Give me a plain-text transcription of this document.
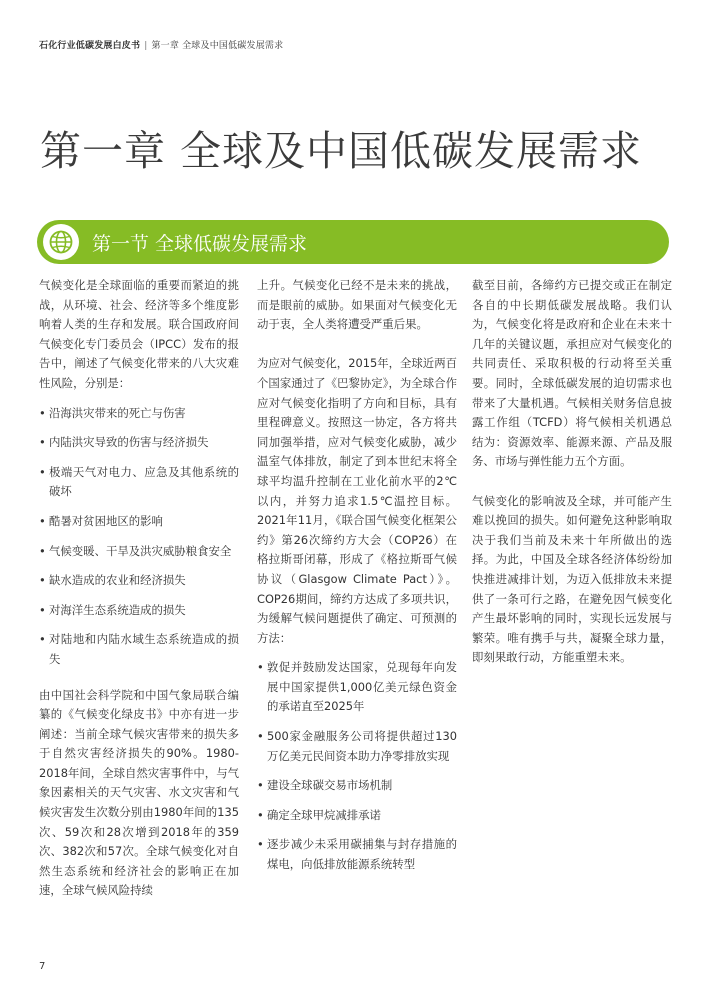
石化行业低碳发展白皮书 | 第一章 全球及中国低碳发展需求
第一章 全球及中国低碳发展需求
第一节 全球低碳发展需求

气候变化是全球面临的重要而紧迫的挑战，从环境、社会、经济等多个维度影响着人类的生存和发展。联合国政府间气候变化专门委员会（IPCC）发布的报告中，阐述了气候变化带来的八大灾难性风险，分别是：

• 沿海洪灾带来的死亡与伤害
• 内陆洪灾导致的伤害与经济损失
• 极端天气对电力、应急及其他系统的破坏
• 酷暑对贫困地区的影响
• 气候变暖、干旱及洪灾威胁粮食安全
• 缺水造成的农业和经济损失
• 对海洋生态系统造成的损失
• 对陆地和内陆水域生态系统造成的损失

由中国社会科学院和中国气象局联合编纂的《气候变化绿皮书》中亦有进一步阐述：当前全球气候灾害带来的损失多于自然灾害经济损失的90%。1980-2018年间，全球自然灾害事件中，与气象因素相关的天气灾害、水文灾害和气候灾害发生次数分别由1980年间的135次、59次和28次增到2018年的359次、382次和57次。全球气候变化对自然生态系统和经济社会的影响正在加速，全球气候风险持续

上升。气候变化已经不是未来的挑战，而是眼前的威胁。如果面对气候变化无动于衷，全人类将遭受严重后果。

为应对气候变化，2015年，全球近两百个国家通过了《巴黎协定》，为全球合作应对气候变化指明了方向和目标，具有里程碑意义。按照这一协定，各方将共同加强举措，应对气候变化威胁，减少温室气体排放，制定了到本世纪末将全球平均温升控制在工业化前水平的2℃以内，并努力追求1.5℃温控目标。2021年11月，《联合国气候变化框架公约》第26次缔约方大会（COP26）在格拉斯哥闭幕，形成了《格拉斯哥气候协议（Glasgow Climate Pact）》。COP26期间，缔约方达成了多项共识，为缓解气候问题提供了确定、可预测的方法：

• 敦促并鼓励发达国家，兑现每年向发展中国家提供1,000亿美元绿色资金的承诺直至2025年
• 500家金融服务公司将提供超过130万亿美元民间资本助力净零排放实现
• 建设全球碳交易市场机制
• 确定全球甲烷减排承诺
• 逐步减少未采用碳捕集与封存措施的煤电，向低排放能源系统转型

截至目前，各缔约方已提交或正在制定各自的中长期低碳发展战略。我们认为，气候变化将是政府和企业在未来十几年的关键议题，承担应对气候变化的共同责任、采取积极的行动将至关重要。同时，全球低碳发展的迫切需求也带来了大量机遇。气候相关财务信息披露工作组（TCFD）将气候相关机遇总结为：资源效率、能源来源、产品及服务、市场与弹性能力五个方面。

气候变化的影响波及全球，并可能产生难以挽回的损失。如何避免这种影响取决于我们当前及未来十年所做出的选择。为此，中国及全球各经济体纷纷加快推进减排计划，为迈入低排放未来提供了一条可行之路，在避免因气候变化产生最坏影响的同时，实现长远发展与繁荣。唯有携手与共，凝聚全球力量，即刻果敢行动，方能重塑未来。

7
